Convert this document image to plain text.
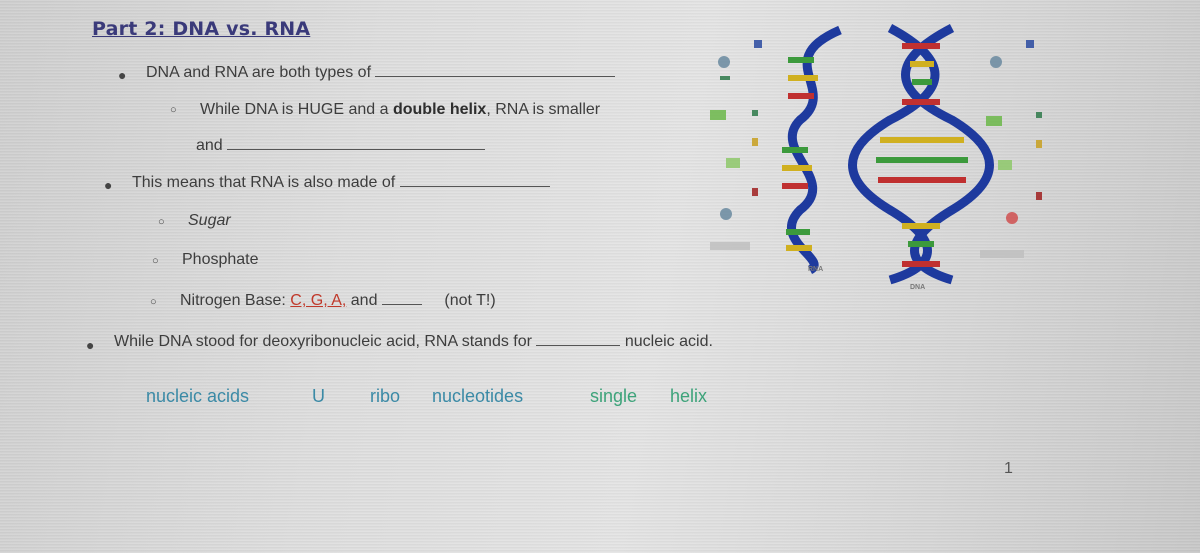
Part 2: DNA vs. RNA
● DNA and RNA are both types of
○ While DNA is HUGE and a double helix, RNA is smaller
and
● This means that RNA is also made of
○ Sugar
○ Phosphate
○ Nitrogen Base: C, G, A, and	(not T!)
● While DNA stood for deoxyribonucleic acid, RNA stands for	nucleic acid.
nucleic acids	U	ribo nucleotides	single helix
RNA
DNA
1
